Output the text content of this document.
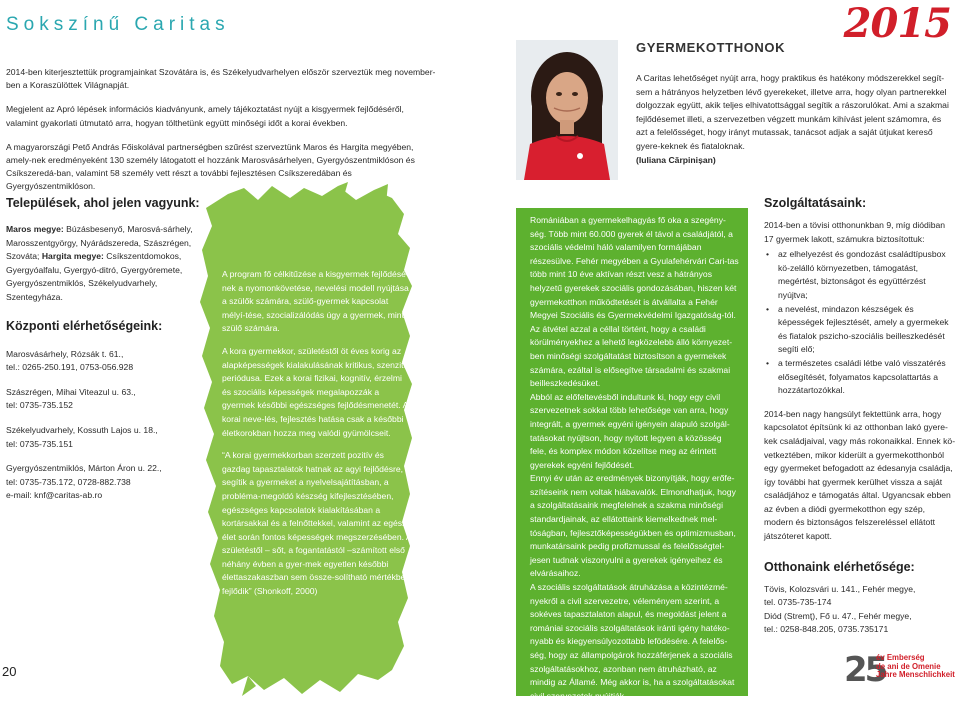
Sokszínű Caritas	2015

2014-ben kiterjesztettük programjainkat Szovátára is, és Székelyudvarhelyen először szerveztük meg november-ben a Koraszülöttek Világnapját.

Megjelent az Apró lépések információs kiadványunk, amely tájékoztatást nyújt a kisgyermek fejlődéséről, valamint gyakorlati útmutató arra, hogyan tölthetünk együtt minőségi időt a korai években.

A magyarországi Pető András Főiskolával partnerségben szűrést szerveztünk Maros és Hargita megyében, amely-nek eredményeként 130 személy látogatott el hozzánk Marosvásárhelyen, Gyergyószentmiklóson és Csíkszeredá-ban, valamint 58 személy vett részt a további fejlesztésen Csíkszeredában és Gyergyószentmiklóson.

GYERMEKOTTHONOK

A Caritas lehetőséget nyújt arra, hogy praktikus és hatékony módszerekkel segít-sem a hátrányos helyzetben lévő gyerekeket, illetve arra, hogy olyan partnerekkel dolgozzak együtt, akik teljes elhivatottsággal segítik a rászorulókat. Ami a szakmai fejlődésemet illeti, a szervezetben végzett munkám kihívást jelent számomra, és azt a felelősséget, hogy irányt mutassak, tanácsot adjak a saját útjukat kereső gyere-keknek és fiataloknak.

(Iuliana Cărpinișan)

Települések, ahol jelen vagyunk:

Maros megye: Búzásbesenyő, Marosvá-sárhely, Marosszentgyörgy, Nyárádszereda, Szászrégen, Szováta; Hargita megye: Csíkszentdomokos, Gyergyóalfalu, Gyergyó-ditró, Gyergyóremete, Gyergyószentmiklós, Székelyudvarhely, Szentegyháza.

Központi elérhetőségeink:

Marosvásárhely, Rózsák t. 61.,
tel.: 0265-250.191, 0753-056.928

Szászrégen, Mihai Viteazul u. 63.,
tel: 0735-735.152

Székelyudvarhely, Kossuth Lajos u. 18.,
tel: 0735-735.151

Gyergyószentmiklós, Márton Áron u. 22.,
tel: 0735-735.172, 0728-882.738
e-mail: knf@caritas-ab.ro

A program fő célkitűzése a kisgyermek fejlődésé-nek a nyomonkövetése, nevelési modell nyújtása a szülők számára, szülő-gyermek kapcsolat mélyí-tése, szocializálódás úgy a gyermek, mint a szülő számára.

A kora gyermekkor, születéstől öt éves korig az alapképességek kialakulásának kritikus, szenzitív periódusa. Ezek a korai fizikai, kognitív, érzelmi és szociális képességek megalapozzák a gyermek későbbi egészséges fejlődésmenetét. A korai neve-lés, fejlesztés hatása csak a későbbi életkorokban hozza meg valódi gyümölcseit.

“A korai gyermekkorban szerzett pozitív és gazdag tapasztalatok hatnak az agyi fejlődésre, segítik a gyermeket a nyelvelsajátításban, a problémа-megoldó készség kifejlesztésében, egészséges kapcsolatok kialakításában a kortársakkal és a felnőttekkel, valamint az egész élet során fontos képességek megszerzésében. A születéstől – sőt, a fogantatástól –számított első néhány évben a gyer-mek egyetlen későbbi élettaszakaszban sem össze-solítható mértékben fejlődik” (Shonkoff, 2000)

Romániában a gyermekelhagyás fő oka a szegény-ség. Több mint 60.000 gyerek él távol a családjától, a szociális védelmi háló valamilyen formájában részesülve. Fehér megyében a Gyulafehérvári Cari-tas több mint 10 éve aktívan részt vesz a hátrányos helyzetű gyerekek szociális gondozásában, hiszen két gyermekotthon működtetését is átvállalta a Fehér Megyei Szociális és Gyermekvédelmi Igazgatóság-tól. Az átvétel azzal a céllal történt, hogy a családi körülményekhez a lehető legközelebb álló környezet-ben minőségi szolgáltatást biztosítson a gyermekek számára, ezáltal is elősegítve társadalmi és szakmai beilleszkedésüket.
Abból az előfeltevésből indultunk ki, hogy egy civil szervezetnek sokkal több lehetősége van arra, hogy integrált, a gyermek egyéni igényein alapuló szolgál-tatásokat nyújtson, hogy nyitott legyen a közösség fele, és komplex módon közelítse meg az érintett gyerekek egyéni fejlődését.
Ennyi év után az eredmények bizonyítják, hogy erőfe-szítéseink nem voltak hiábavalók. Elmondhatjuk, hogy a szolgáltatásaink megfelelnek a szakma minőségi standardjainak, az ellátottaink kiemelkednek mel-tóságban, fejlesztőképességükben és optimizmusban, munkatársaink pedig profizmussal és felelősségtel-jesen tudnak viszonyulni a gyerekek igényeihez és elvárásaihoz.
A szociális szolgáltatások átruházása a közintézmé-nyekről a civil szervezetre, véleményem szerint, a sokéves tapasztalaton alapul, és megoldást jelent a romániai szociális szolgáltatások iránti igény hatéko-nyabb és kiegyensúlyozottabb lefödésére. A felelős-ség, hogy az állampolgárok hozzáférjenek a szociális szolgáltatásokhoz, azonban nem átruházható, az mindig az Államé. Még akkor is, ha a szolgáltatásokat civil szervezetek nyújtják.
(Cristea Mihaela)
Szolgáltatásaink:

2014-ben a tövisi otthonunkban 9, míg diódiban 17 gyermek lakott, számukra biztosítottuk:

• az elhelyezést és gondozást családtípusbox kö-zelálló környezetben, támogatást, megértést, biztonságot és együttérzést nyújtva;
• a nevelést, mindazon készségek és képességek fejlesztését, amely a gyermekek és fiatalok pszicho-szociális beilleszkedését segíti elő;
• a természetes családi létbe való visszatérés elősegítését, folyamatos kapcsolattartás a hozzátartozókkal.

2014-ben nagy hangsúlyt fektettünk arra, hogy kapcsolatot építsünk ki az otthonban lakó gyere-kek családjaival, vagy más rokonaikkal. Ennek kö-vetkeztében, mikor kiderült a gyermekotthonból egy gyermeket befogadott az édesanyja családja, így további hat gyermek kerülhet vissza a saját családjához e támogatás által. Ugyancsak ebben az évben a diódi gyermekotthon egy szép, modern és biztonságos felszereléssel ellátott játszóteret kapott.

Otthonaink elérhetősége:

Tövis, Kolozsvári u. 141., Fehér megye,
tel. 0735-735-174
Diód (Stremț), Fő u. 47., Fehér megye,
tel.: 0258-848.205, 0735.735171

20	25
év Emberség
de ani de Omenie
Jahre Menschlichkeit
